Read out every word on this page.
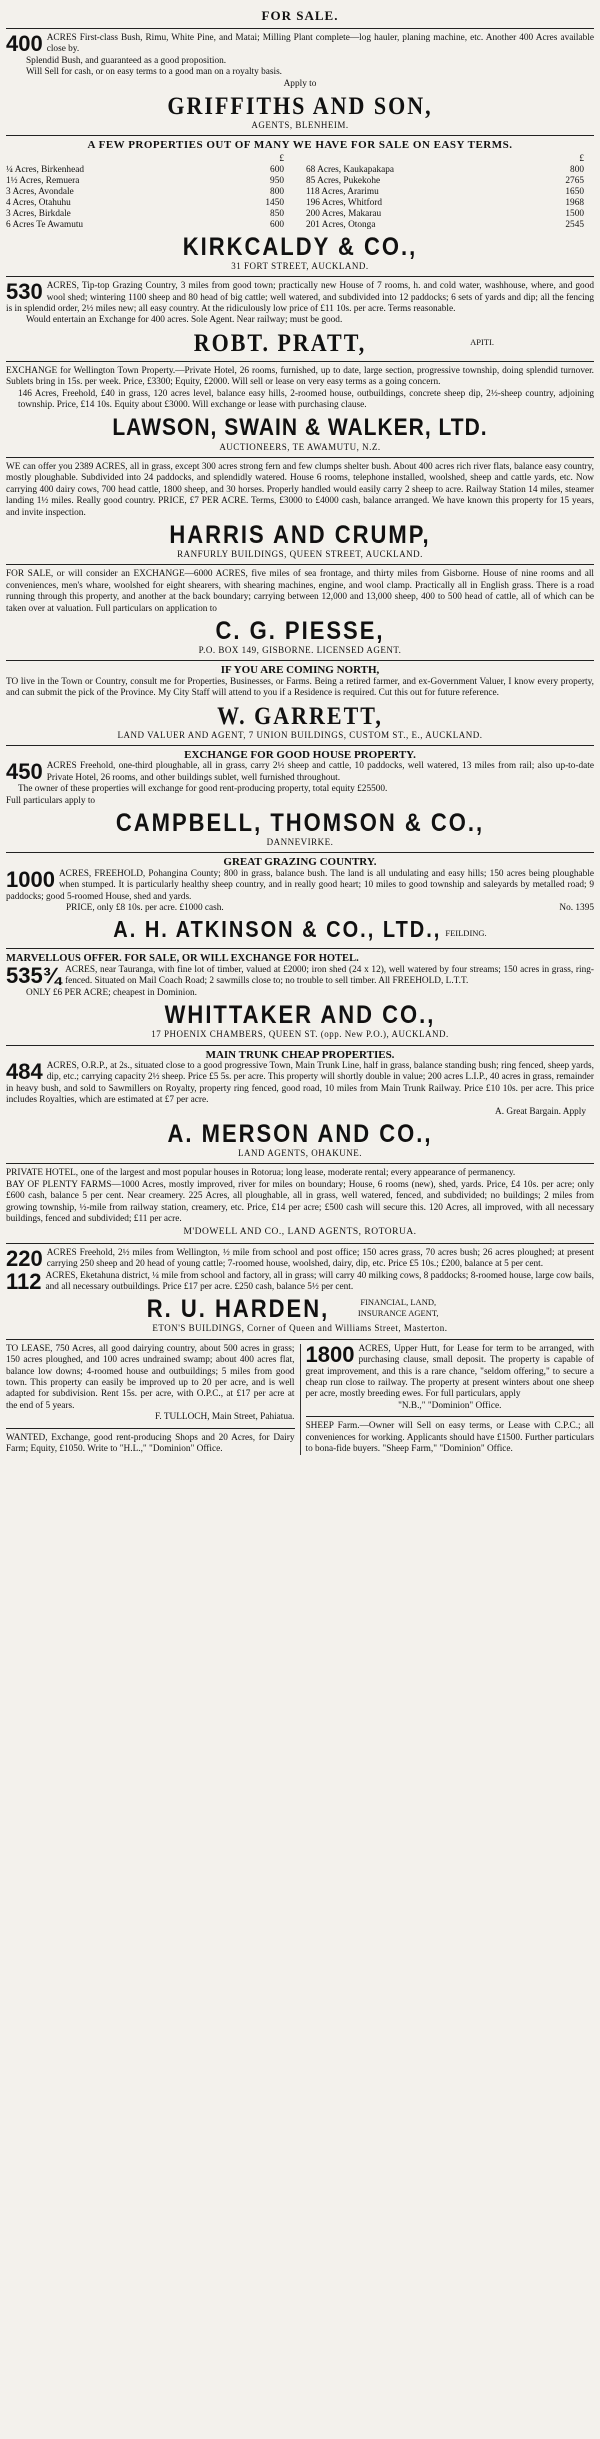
FOR SALE.

400 ACRES First-class Bush, Rimu, White Pine, and Matai; Milling Plant complete—log hauler, planing machine, etc. Another 400 Acres available close by.

Splendid Bush, and guaranteed as a good proposition.

Will Sell for cash, or on easy terms to a good man on a royalty basis.

Apply to

GRIFFITHS AND SON,
AGENTS, BLENHEIM.
A FEW PROPERTIES OUT OF MANY WE HAVE FOR SALE ON EASY TERMS.
	£
¼ Acres, Birkenhead	600
1½ Acres, Remuera	950
3 Acres, Avondale	800
4 Acres, Otahuhu	1450
3 Acres, Birkdale	850
6 Acres Te Awamutu	600
	£
68 Acres, Kaukapakapa	800
85 Acres, Pukekohe	2765
118 Acres, Ararimu	1650
196 Acres, Whitford	1968
200 Acres, Makarau	1500
201 Acres, Otonga	2545
KIRKCALDY & CO.,
31 FORT STREET, AUCKLAND.

530 ACRES, Tip-top Grazing Country, 3 miles from good town; practically new House of 7 rooms, h. and cold water, washhouse, where, and good wool shed; wintering 1100 sheep and 80 head of big cattle; well watered, and subdivided into 12 paddocks; 6 sets of yards and dip; all the fencing is in splendid order, 2½ miles new; all easy country. At the ridiculously low price of £11 10s. per acre. Terms reasonable.

Would entertain an Exchange for 400 acres. Sole Agent. Near railway; must be good.

ROBT. PRATT,	APITI.

EXCHANGE for Wellington Town Property.—Private Hotel, 26 rooms, furnished, up to date, large section, progressive township, doing splendid turnover. Sublets bring in 15s. per week. Price, £3300; Equity, £2000. Will sell or lease on very easy terms as a going concern.

146 Acres, Freehold, £40 in grass, 120 acres level, balance easy hills, 2-roomed house, outbuildings, concrete sheep dip, 2½-sheep country, adjoining township. Price, £14 10s. Equity about £3000. Will exchange or lease with purchasing clause.

LAWSON, SWAIN & WALKER, LTD.
AUCTIONEERS, TE AWAMUTU, N.Z.

WE can offer you 2389 ACRES, all in grass, except 300 acres strong fern and few clumps shelter bush. About 400 acres rich river flats, balance easy country, mostly ploughable. Subdivided into 24 paddocks, and splendidly watered. House 6 rooms, telephone installed, woolshed, sheep and cattle yards, etc. Now carrying 400 dairy cows, 700 head cattle, 1800 sheep, and 30 horses. Properly handled would easily carry 2 sheep to acre. Railway Station 14 miles, steamer landing 1½ miles. Really good country. PRICE, £7 PER ACRE. Terms, £3000 to £4000 cash, balance arranged. We have known this property for 15 years, and invite inspection.

HARRIS AND CRUMP,
RANFURLY BUILDINGS, QUEEN STREET, AUCKLAND.

FOR SALE, or will consider an EXCHANGE—6000 ACRES, five miles of sea frontage, and thirty miles from Gisborne. House of nine rooms and all conveniences, men's whare, woolshed for eight shearers, with shearing machines, engine, and wool clamp. Practically all in English grass. There is a road running through this property, and another at the back boundary; carrying between 12,000 and 13,000 sheep, 400 to 500 head of cattle, all of which can be taken over at valuation. Full particulars on application to

C. G. PIESSE,
P.O. BOX 149, GISBORNE. LICENSED AGENT.
IF YOU ARE COMING NORTH,

TO live in the Town or Country, consult me for Properties, Businesses, or Farms. Being a retired farmer, and ex-Government Valuer, I know every property, and can submit the pick of the Province. My City Staff will attend to you if a Residence is required. Cut this out for future reference.

W. GARRETT,
LAND VALUER AND AGENT, 7 UNION BUILDINGS, CUSTOM ST., E., AUCKLAND.
EXCHANGE FOR GOOD HOUSE PROPERTY.

450 ACRES Freehold, one-third ploughable, all in grass, carry 2½ sheep and cattle, 10 paddocks, well watered, 13 miles from rail; also up-to-date Private Hotel, 26 rooms, and other buildings sublet, well furnished throughout.

The owner of these properties will exchange for good rent-producing property, total equity £25500.

Full particulars apply to

CAMPBELL, THOMSON & CO.,
DANNEVIRKE.
GREAT GRAZING COUNTRY.

1000 ACRES, FREEHOLD, Pohangina County; 800 in grass, balance bush. The land is all undulating and easy hills; 150 acres being ploughable when stumped. It is particularly healthy sheep country, and in really good heart; 10 miles to good township and saleyards by metalled road; 9 paddocks; good 5-roomed House, shed and yards.

PRICE, only £8 10s. per acre. £1000 cash.	No. 1395
A. H. ATKINSON & CO., LTD., FEILDING.
MARVELLOUS OFFER. FOR SALE, OR WILL EXCHANGE FOR HOTEL.

535¾ ACRES, near Tauranga, with fine lot of timber, valued at £2000; iron shed (24 x 12), well watered by four streams; 150 acres in grass, ring-fenced. Situated on Mail Coach Road; 2 sawmills close to; no trouble to sell timber. All FREEHOLD, L.T.T.

ONLY £6 PER ACRE; cheapest in Dominion.

WHITTAKER AND CO.,
17 PHOENIX CHAMBERS, QUEEN ST. (opp. New P.O.), AUCKLAND.
MAIN TRUNK CHEAP PROPERTIES.

484 ACRES, O.R.P., at 2s., situated close to a good progressive Town, Main Trunk Line, half in grass, balance standing bush; ring fenced, sheep yards, dip, etc.; carrying capacity 2½ sheep. Price £5 5s. per acre. This property will shortly double in value; 200 acres L.I.P., 40 acres in grass, remainder in heavy bush, and sold to Sawmillers on Royalty, property ring fenced, good road, 10 miles from Main Trunk Railway. Price £10 10s. per acre. This price includes Royalties, which are estimated at £7 per acre.

A. Great Bargain. Apply

A. MERSON AND CO.,
LAND AGENTS, OHAKUNE.

PRIVATE HOTEL, one of the largest and most popular houses in Rotorua; long lease, moderate rental; every appearance of permanency.

BAY OF PLENTY FARMS—1000 Acres, mostly improved, river for miles on boundary; House, 6 rooms (new), shed, yards. Price, £4 10s. per acre; only £600 cash, balance 5 per cent. Near creamery. 225 Acres, all ploughable, all in grass, well watered, fenced, and subdivided; no buildings; 2 miles from growing township, ½-mile from railway station, creamery, etc. Price, £14 per acre; £500 cash will secure this. 120 Acres, all improved, with all necessary buildings, fenced and subdivided; £11 per acre.

M'DOWELL AND CO., LAND AGENTS, ROTORUA.

220 ACRES Freehold, 2½ miles from Wellington, ½ mile from school and post office; 150 acres grass, 70 acres bush; 26 acres ploughed; at present carrying 250 sheep and 20 head of young cattle; 7-roomed house, woolshed, dairy, dip, etc. Price £5 10s.; £200, balance at 5 per cent.

112 ACRES, Eketahuna district, ¼ mile from school and factory, all in grass; will carry 40 milking cows, 8 paddocks; 8-roomed house, large cow bails, and all necessary outbuildings. Price £17 per acre. £250 cash, balance 5½ per cent.

R. U. HARDEN,	FINANCIAL, LAND, INSURANCE AGENT,
ETON'S BUILDINGS, Corner of Queen and Williams Street, Masterton.

TO LEASE, 750 Acres, all good dairying country, about 500 acres in grass; 150 acres ploughed, and 100 acres undrained swamp; about 400 acres flat, balance low downs; 4-roomed house and outbuildings; 5 miles from good town. This property can easily be improved up to 20 per acre, and is well adapted for subdivision. Rent 15s. per acre, with O.P.C., at £17 per acre at the end of 5 years.

F. TULLOCH, Main Street, Pahiatua.

WANTED, Exchange, good rent-producing Shops and 20 Acres, for Dairy Farm; Equity, £1050. Write to "H.L.," "Dominion" Office.

1800 ACRES, Upper Hutt, for Lease for term to be arranged, with purchasing clause, small deposit. The property is capable of great improvement, and this is a rare chance, "seldom offering," to secure a cheap run close to railway. The property at present winters about one sheep per acre, mostly breeding ewes. For full particulars, apply

"N.B.," "Dominion" Office.

SHEEP Farm.—Owner will Sell on easy terms, or Lease with C.P.C.; all conveniences for working. Applicants should have £1500. Further particulars to bona-fide buyers. "Sheep Farm," "Dominion" Office.
